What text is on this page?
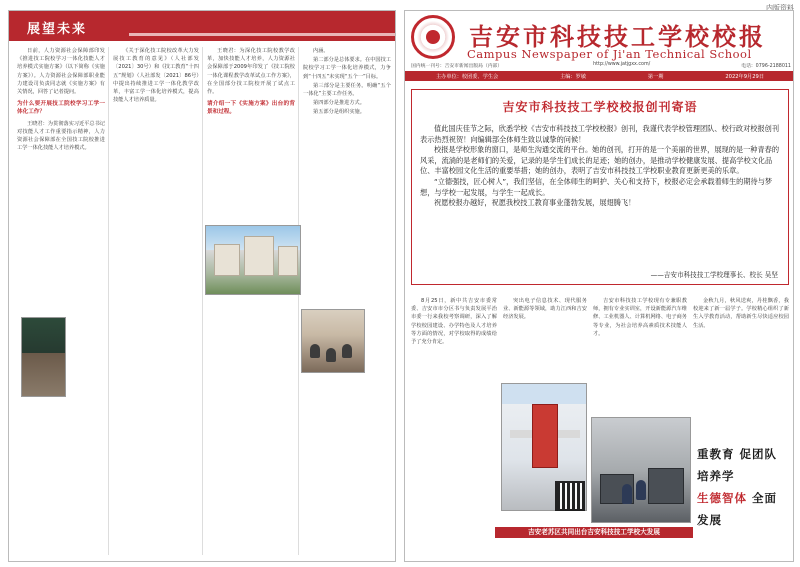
内版资料
展望未来

日前，人力资源社会保障部印发《推进技工院校学习一体化技能人才培养模式实施方案》（以下简称《实施方案》）。人力资源社会保障部职业能力建设司负责同志就《实施方案》有关情况，回答了记者提问。

为什么要开展技工院校学习工学一体化工作？

王晓君：为贯彻落实习近平总书记对技能人才工作重要指示精神，人力资源社会保障部在全国技工院校推进工学一体化技能人才培养模式。

《关于深化技工院校改革大力发展技工教育的意见》（人社部发〔2021〕30号）和《技工教育“十四五”规划》（人社部发〔2021〕86号）中提出持续推进工学一体化教学改革，丰富工学一体化培养模式，提高技能人才培养质量。

王晓君：为深化技工院校教学改革，加快技能人才培养，人力资源社会保障部于2009年印发了《技工院校一体化课程教学改革试点工作方案》，在全国部分技工院校开展了试点工作。

请介绍一下《实施方案》出台的背景和过程。

内涵。

第二部分是总体要求。在中国技工院校学习工学一体化培养模式，力争到“十四五”末实现“五个一”目标。

第三部分是主要任务。明确“五个一体化”主要工作任务。

第四部分是推进方式。

第五部分是组织实施。

吉安市科技技工学校校报
Campus Newspaper of Ji'an Technical School
国内统一刊号：吉安市新闻出版局（内部）	http://www.jatjgxx.com/	电话：0796-2188011
主办单位：校团委、学生会	主编：罗敏	第一期	2022年9月29日
吉安市科技技工学校校报创刊寄语

值此国庆佳节之际，欣悉学校《吉安市科技技工学校校报》创刊，我谨代表学校管理团队、校行政对校报创刊表示热烈祝贺！向编辑部全体师生致以诚挚的问候！

校报是学校形象的窗口，是师生沟通交流的平台。她的创刊，打开的是一个美丽的世界，展现的是一种青春的风采，流淌的是老师们的关爱，记录的是学生们成长的足迹；她的创办，是推动学校健康发展、提高学校文化品位、丰富校园文化生活的重要举措；她的创办，表明了吉安市科技技工学校职业教育更新更美的乐章。

“立德强技，匠心树人”，我们坚信，在全体师生的呵护、关心和支持下，校报必定会承载着师生的期待与梦想，与学校一起发展，与学生一起成长。

祝愿校报办越好，祝愿我校技工教育事业蓬勃发展，展翅腾飞！

——吉安市科技技工学校理事长、校长 吴坚

8月25日，新中共吉安市委常委、吉安市市分区书与负责发展平治市委一行来我校考察调研，深入了解学校校园建设、办学特色及人才培养等方面的情况，对学校取得的成绩给予了充分肯定。

突出电子信息技术、现代服务业、新能源等领域，助力江西和吉安经济发展。

吉安市科技技工学校现有专兼职教师，拥有专业实训室，开设新能源汽车维修、工业机器人、计算机网络、电子商务等专业，为社会培养高素质技术技能人才。

金秋九月，秋风送爽，丹桂飘香，我校迎来了新一届学子。学校精心组织了新生入学教育活动，帮助新生尽快适应校园生活。

吉安老苏区共同出台吉安科技技工学校大发展
重教育 促团队 培养学
生德智体 全面发展
